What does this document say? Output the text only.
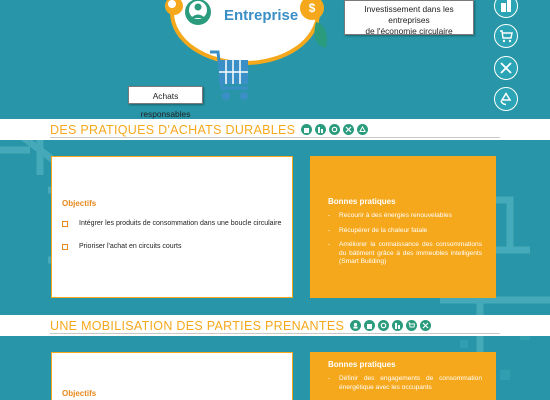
Entreprise $	Investissement dans les entreprises
de l'économie circulaire
Achats responsables
DES PRATIQUES D'ACHATS DURABLES
Objectifs
Intégrer les produits de consommation dans une boucle circulaire
Prioriser l'achat en circuits courts
Bonnes pratiques
- Recourir à des énergies renouvelables
- Récupérer de la chaleur fatale
- Améliorer la connaissance des consommations du bâtiment grâce à des immeubles intelligents (Smart Building)
UNE MOBILISATION DES PARTIES PRENANTES
Objectifs
Bonnes pratiques
- Définir des engagements de consommation énergétique avec les occupants
